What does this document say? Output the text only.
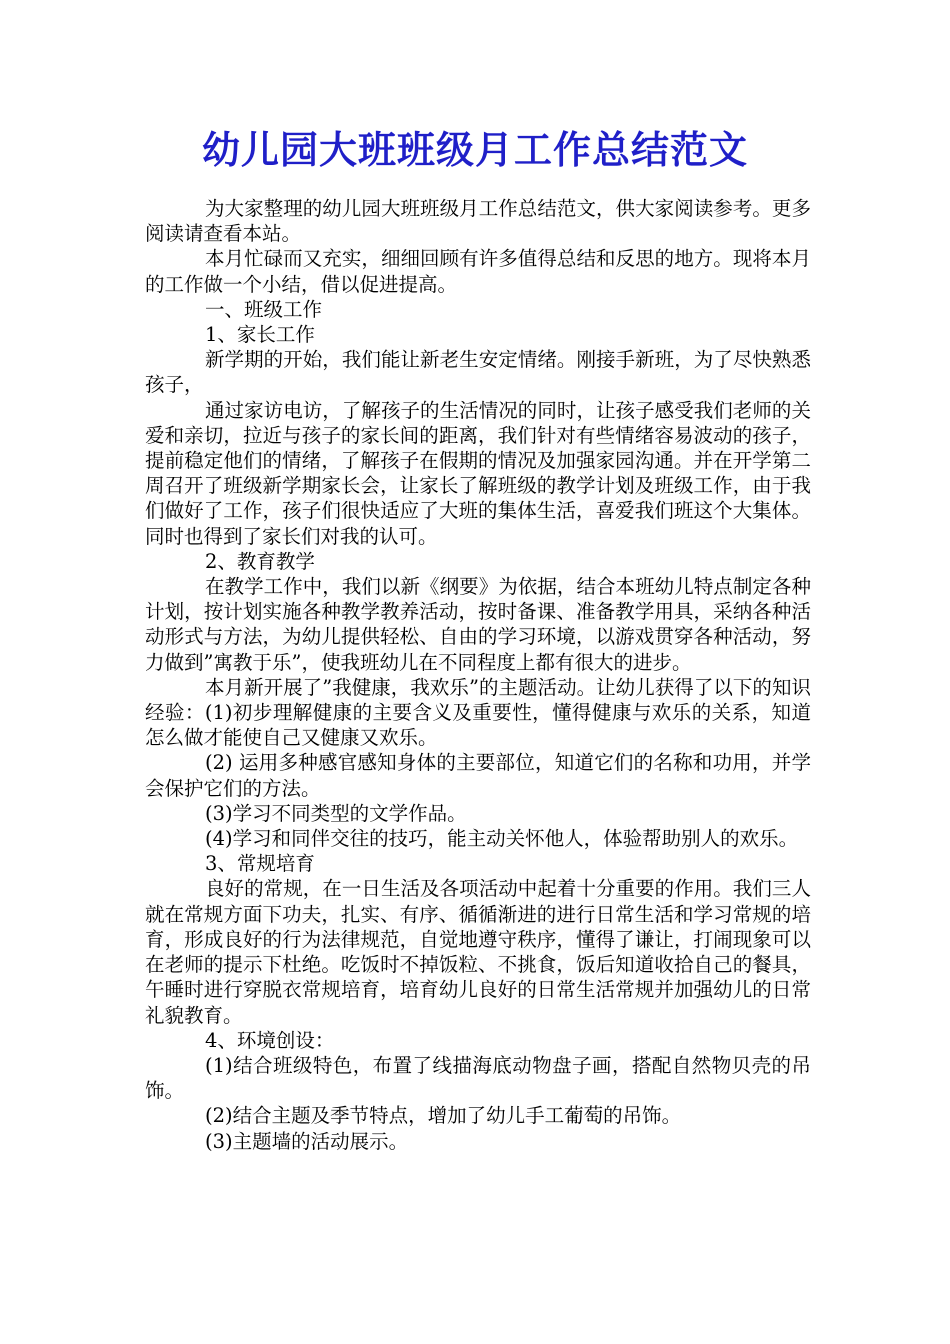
幼儿园大班班级月工作总结范文

为大家整理的幼儿园大班班级月工作总结范文，供大家阅读参考。更多阅读请查看本站。

本月忙碌而又充实，细细回顾有许多值得总结和反思的地方。现将本月的工作做一个小结，借以促进提高。

一、班级工作

1、家长工作

新学期的开始，我们能让新老生安定情绪。刚接手新班，为了尽快熟悉孩子，

通过家访电访，了解孩子的生活情况的同时，让孩子感受我们老师的关爱和亲切，拉近与孩子的家长间的距离，我们针对有些情绪容易波动的孩子，提前稳定他们的情绪，了解孩子在假期的情况及加强家园沟通。并在开学第二周召开了班级新学期家长会，让家长了解班级的教学计划及班级工作，由于我们做好了工作，孩子们很快适应了大班的集体生活，喜爱我们班这个大集体。同时也得到了家长们对我的认可。

2、教育教学

在教学工作中，我们以新《纲要》为依据，结合本班幼儿特点制定各种计划，按计划实施各种教学教养活动，按时备课、准备教学用具，采纳各种活动形式与方法，为幼儿提供轻松、自由的学习环境，以游戏贯穿各种活动，努力做到”寓教于乐”，使我班幼儿在不同程度上都有很大的进步。

本月新开展了”我健康，我欢乐”的主题活动。让幼儿获得了以下的知识经验：(1)初步理解健康的主要含义及重要性，懂得健康与欢乐的关系，知道怎么做才能使自己又健康又欢乐。

(2) 运用多种感官感知身体的主要部位，知道它们的名称和功用，并学会保护它们的方法。

(3)学习不同类型的文学作品。

(4)学习和同伴交往的技巧，能主动关怀他人，体验帮助别人的欢乐。

3、常规培育

良好的常规，在一日生活及各项活动中起着十分重要的作用。我们三人就在常规方面下功夫，扎实、有序、循循渐进的进行日常生活和学习常规的培育，形成良好的行为法律规范，自觉地遵守秩序，懂得了谦让，打闹现象可以在老师的提示下杜绝。吃饭时不掉饭粒、不挑食，饭后知道收拾自己的餐具，午睡时进行穿脱衣常规培育，培育幼儿良好的日常生活常规并加强幼儿的日常礼貌教育。

4、环境创设：

(1)结合班级特色，布置了线描海底动物盘子画，搭配自然物贝壳的吊饰。

(2)结合主题及季节特点，增加了幼儿手工葡萄的吊饰。

(3)主题墙的活动展示。
